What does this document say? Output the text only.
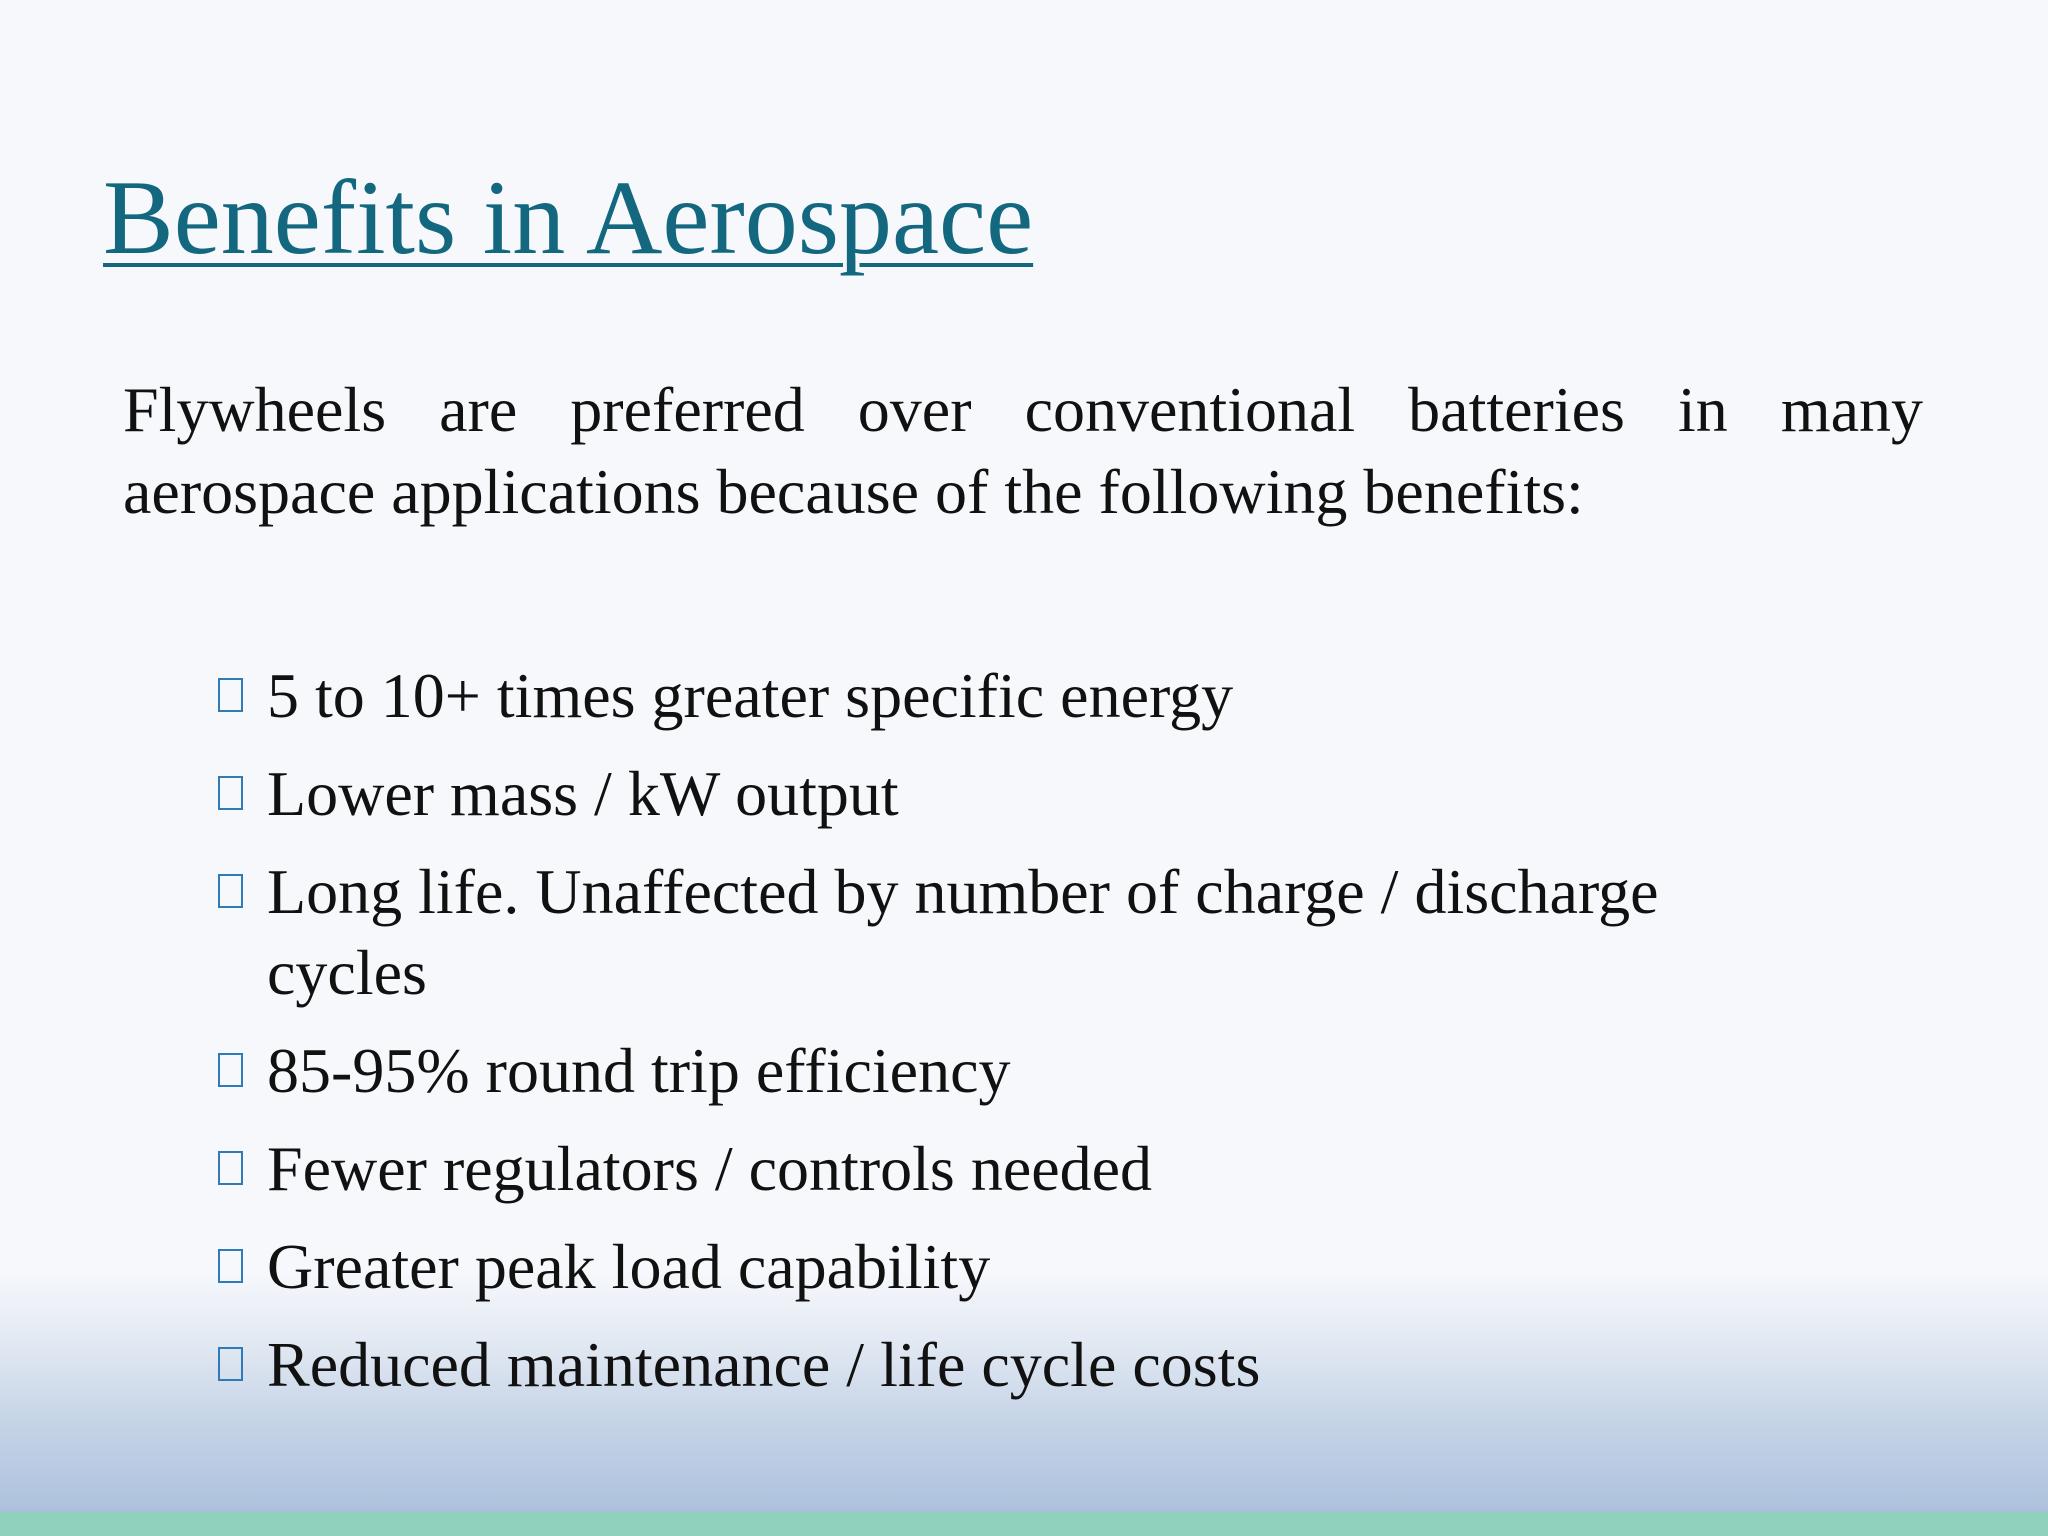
Benefits in Aerospace

Flywheels are preferred over conventional batteries in many aerospace applications because of the following benefits:

5 to 10+ times greater specific energy
Lower mass / kW output
Long life. Unaffected by number of charge / discharge cycles
85-95% round trip efficiency
Fewer regulators / controls needed
Greater peak load capability
Reduced maintenance / life cycle costs
